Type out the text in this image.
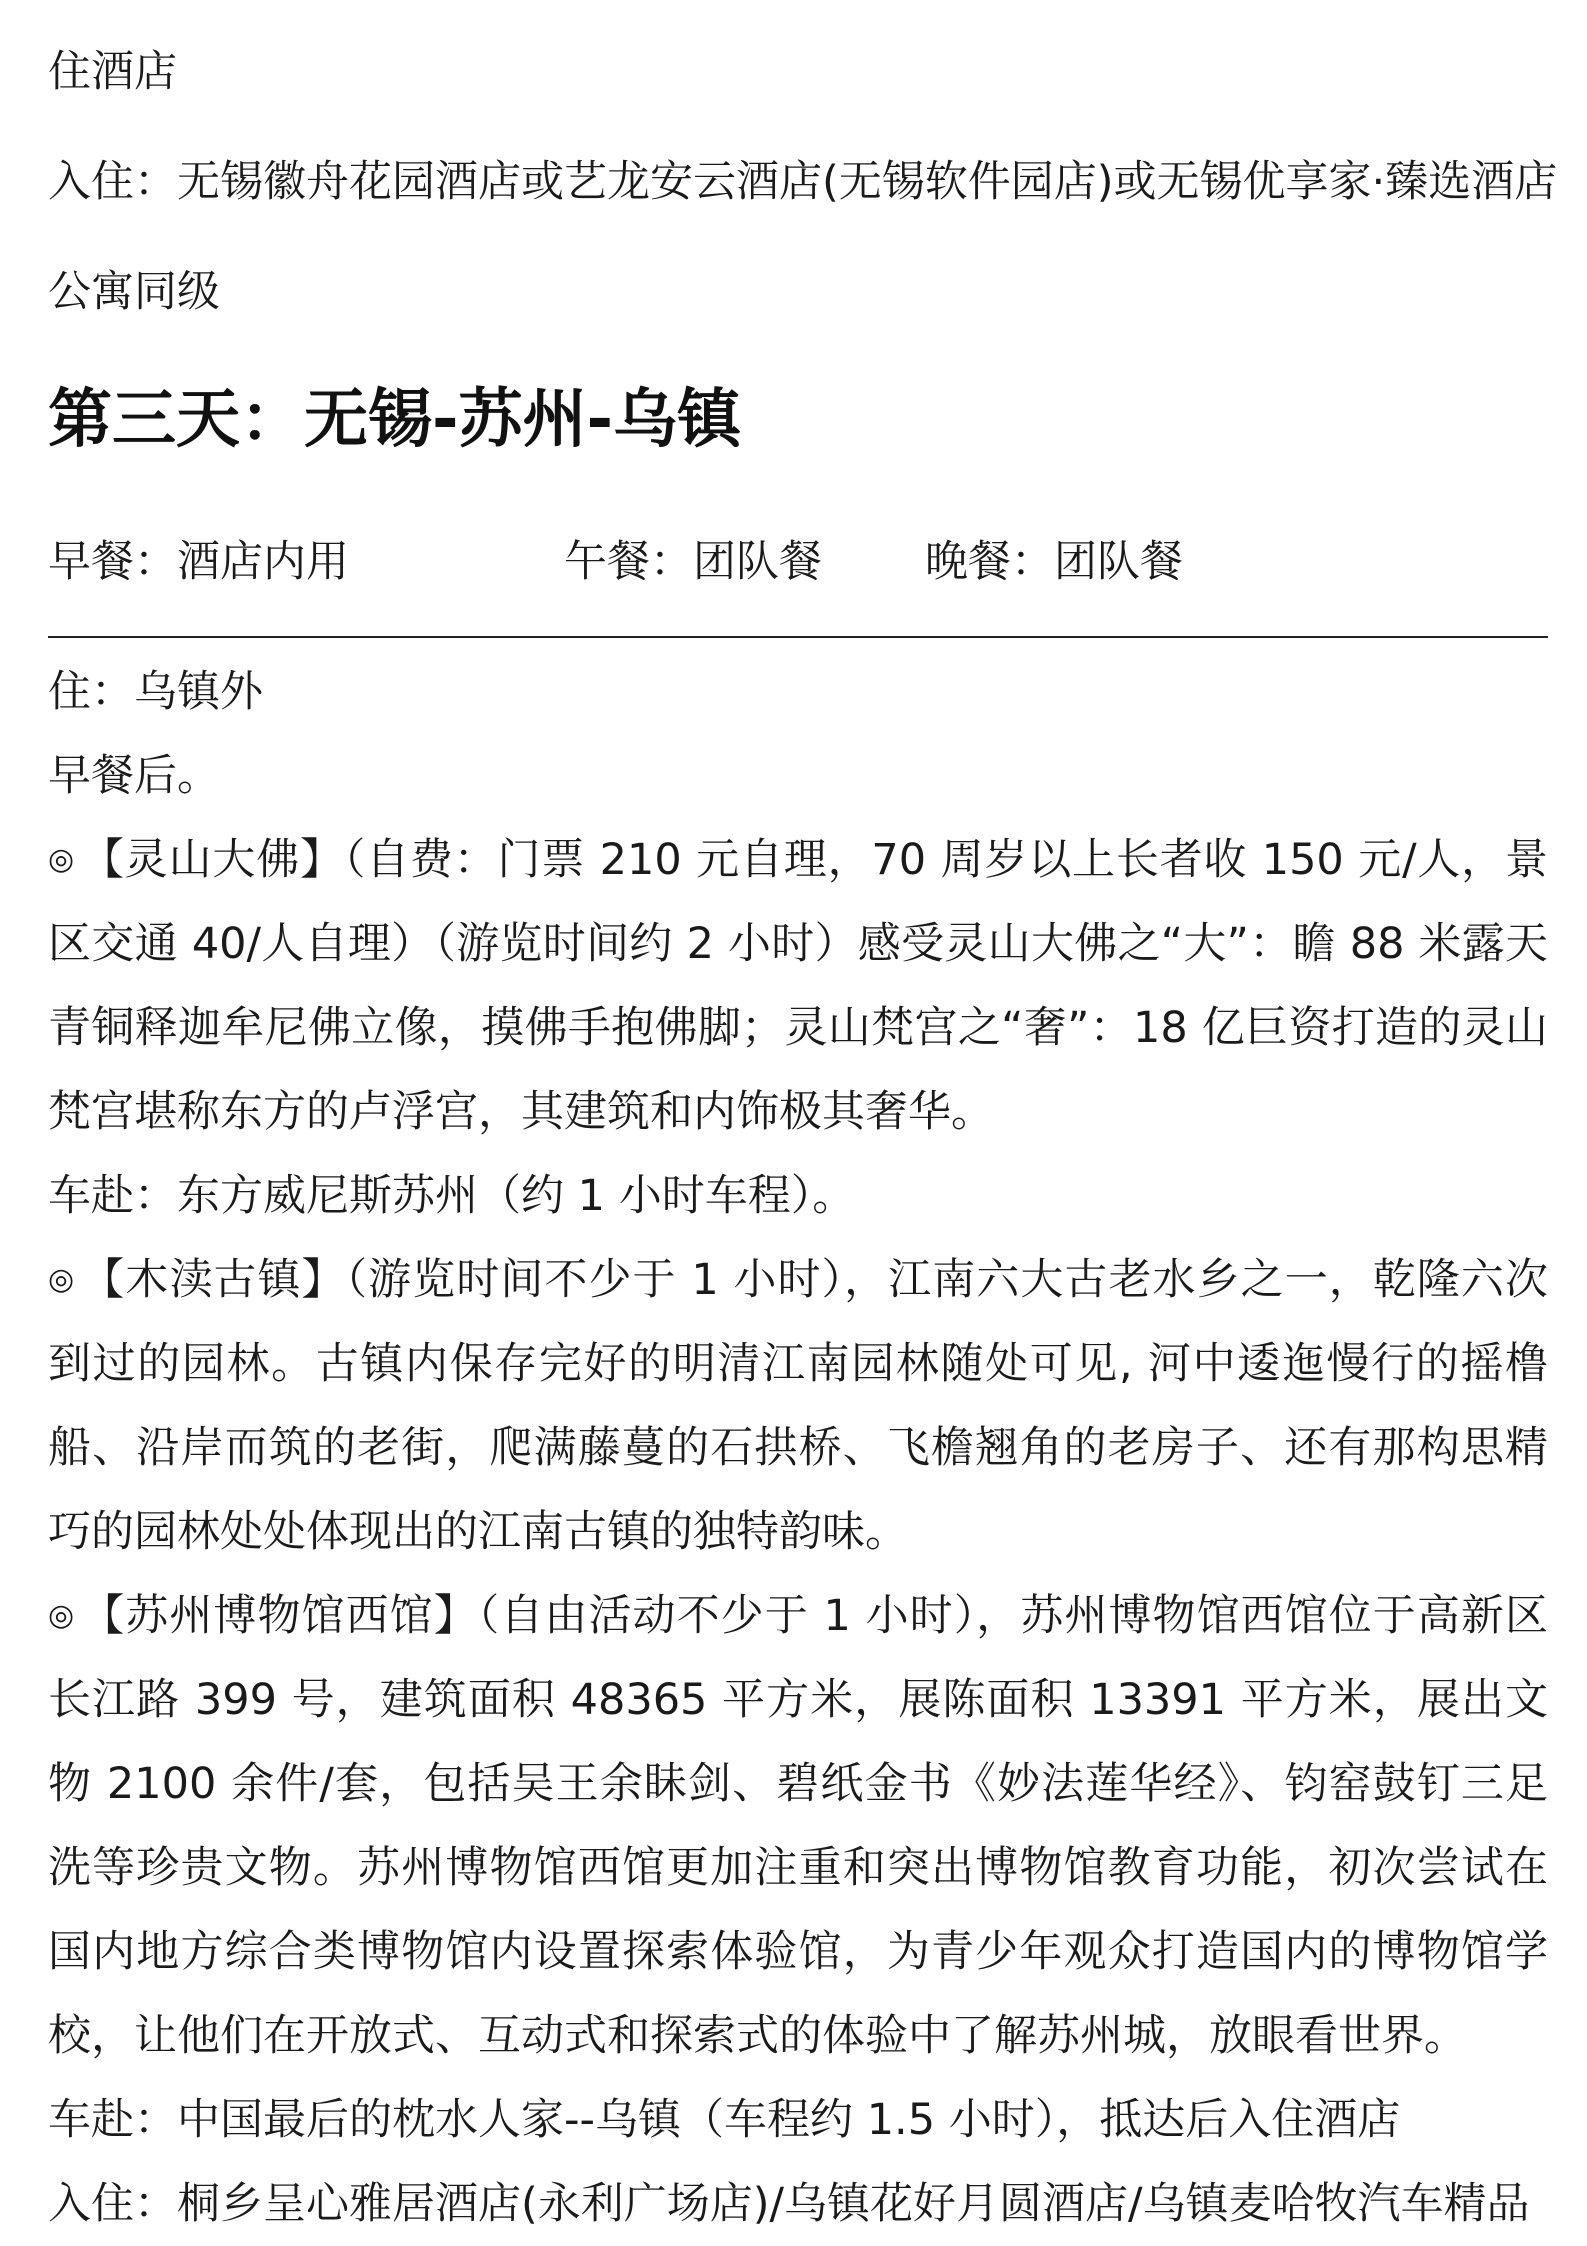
住酒店

入住：无锡徽舟花园酒店或艺龙安云酒店(无锡软件园店)或无锡优享家·臻选酒店

公寓同级

第三天：无锡-苏州-乌镇
早餐：酒店内用	午餐：团队餐 晚餐：团队餐

住：乌镇外

早餐后。

◎ 【灵山大佛】（自费：门票 210 元自理，70 周岁以上长者收 150 元/人，景区交通 40/人自理）（游览时间约 2 小时）感受灵山大佛之“大”：瞻 88 米露天青铜释迦牟尼佛立像，摸佛手抱佛脚；灵山梵宫之“奢”：18 亿巨资打造的灵山梵宫堪称东方的卢浮宫，其建筑和内饰极其奢华。

车赴：东方威尼斯苏州（约 1 小时车程）。

◎ 【木渎古镇】（游览时间不少于 1 小时），江南六大古老水乡之一，乾隆六次到过的园林。古镇内保存完好的明清江南园林随处可见, 河中逶迤慢行的摇橹船、沿岸而筑的老街，爬满藤蔓的石拱桥、飞檐翘角的老房子、还有那构思精巧的园林处处体现出的江南古镇的独特韵味。

◎ 【苏州博物馆西馆】（自由活动不少于 1 小时），苏州博物馆西馆位于高新区长江路 399 号，建筑面积 48365 平方米，展陈面积 13391 平方米，展出文物 2100 余件/套，包括吴王余眛剑、碧纸金书《妙法莲华经》、钧窑鼓钉三足洗等珍贵文物。苏州博物馆西馆更加注重和突出博物馆教育功能，初次尝试在国内地方综合类博物馆内设置探索体验馆，为青少年观众打造国内的博物馆学校，让他们在开放式、互动式和探索式的体验中了解苏州城，放眼看世界。

车赴：中国最后的枕水人家--乌镇（车程约 1.5 小时），抵达后入住酒店

入住：桐乡呈心雅居酒店(永利广场店)/乌镇花好月圆酒店/乌镇麦哈牧汽车精品
